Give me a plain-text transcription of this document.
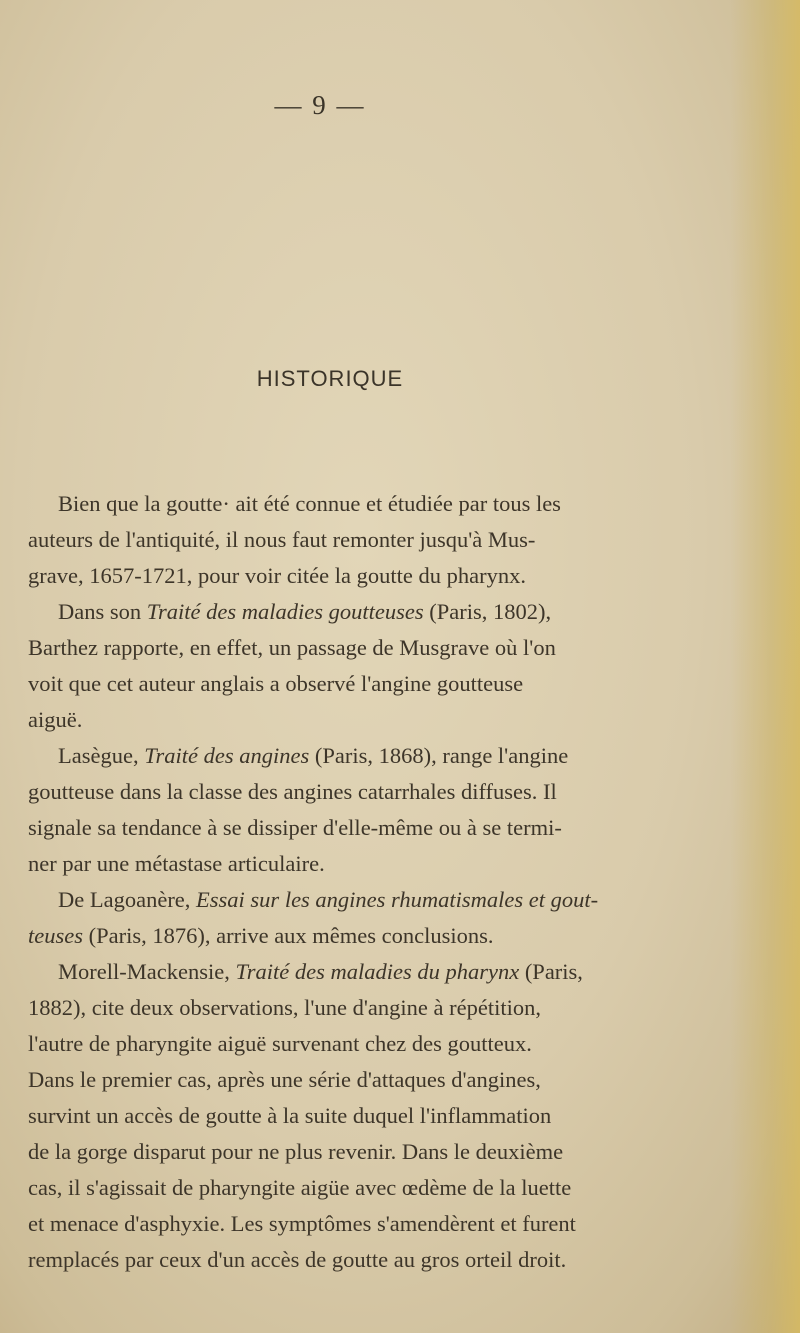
— 9 —
HISTORIQUE
Bien que la goutte· ait été connue et étudiée par tous les
auteurs de l'antiquité, il nous faut remonter jusqu'à Mus-
grave, 1657-1721, pour voir citée la goutte du pharynx.
Dans son Traité des maladies goutteuses (Paris, 1802),
Barthez rapporte, en effet, un passage de Musgrave où l'on
voit que cet auteur anglais a observé l'angine goutteuse
aiguë.
Lasègue, Traité des angines (Paris, 1868), range l'angine
goutteuse dans la classe des angines catarrhales diffuses. Il
signale sa tendance à se dissiper d'elle-même ou à se termi-
ner par une métastase articulaire.
De Lagoanère, Essai sur les angines rhumatismales et gout-
teuses (Paris, 1876), arrive aux mêmes conclusions.
Morell-Mackensie, Traité des maladies du pharynx (Paris,
1882), cite deux observations, l'une d'angine à répétition,
l'autre de pharyngite aiguë survenant chez des goutteux.
Dans le premier cas, après une série d'attaques d'angines,
survint un accès de goutte à la suite duquel l'inflammation
de la gorge disparut pour ne plus revenir. Dans le deuxième
cas, il s'agissait de pharyngite aigüe avec œdème de la luette
et menace d'asphyxie. Les symptômes s'amendèrent et furent
remplacés par ceux d'un accès de goutte au gros orteil droit.
